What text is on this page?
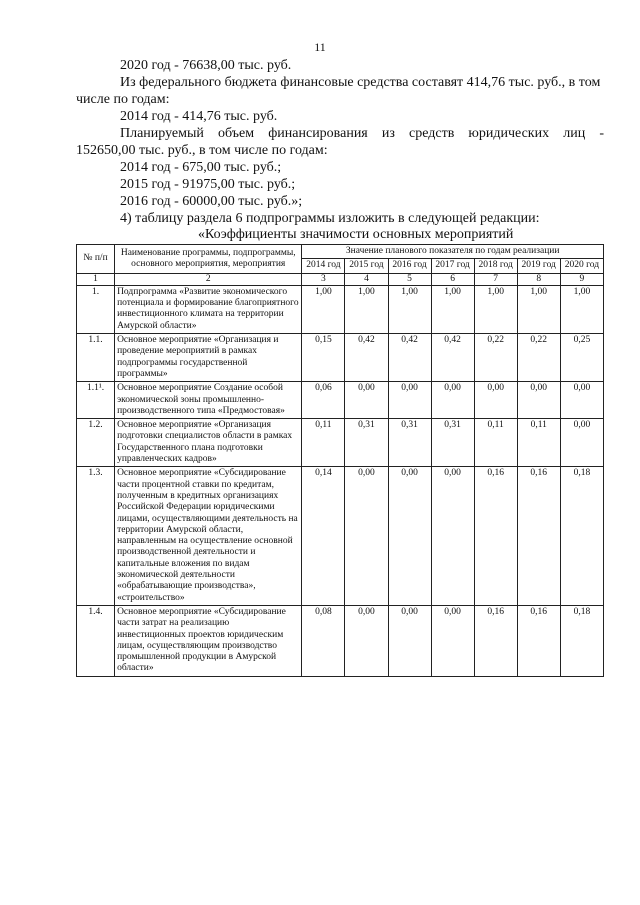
11
2020 год - 76638,00 тыс. руб.
Из федерального бюджета финансовые средства составят 414,76 тыс. руб., в том
числе по годам:
2014 год - 414,76 тыс. руб.
Планируемый объем финансирования из средств юридических лиц -
152650,00 тыс. руб., в том числе по годам:
2014 год - 675,00 тыс. руб.;
2015 год - 91975,00 тыс. руб.;
2016 год - 60000,00 тыс. руб.»;
4) таблицу раздела 6 подпрограммы изложить в следующей редакции:
«Коэффициенты значимости основных мероприятий
№ п/п	Наименование программы, подпрограммы, основного мероприятия, мероприятия	Значение планового показателя по годам реализации						
		2014 год	2015 год	2016 год	2017 год	2018 год	2019 год	2020 год
1	2	3	4	5	6	7	8	9
1.	Подпрограмма «Развитие экономического потенциала и формирование благоприятного инвестиционного климата на территории Амурской области»	1,00	1,00	1,00	1,00	1,00	1,00	1,00
1.1.	Основное мероприятие «Организация и проведение мероприятий в рамках подпрограммы государственной программы»	0,15	0,42	0,42	0,42	0,22	0,22	0,25
1.1¹.	Основное мероприятие Создание особой экономической зоны промышленно-производственного типа «Предмостовая»	0,06	0,00	0,00	0,00	0,00	0,00	0,00
1.2.	Основное мероприятие «Организация подготовки специалистов области в рамках Государственного плана подготовки управленческих кадров»	0,11	0,31	0,31	0,31	0,11	0,11	0,00
1.3.	Основное мероприятие «Субсидирование части процентной ставки по кредитам, полученным в кредитных организациях Российской Федерации юридическими лицами, осуществляющими деятельность на территории Амурской области, направленным на осуществление основной производственной деятельности и капитальные вложения по видам экономической деятельности «обрабатывающие производства», «строительство»	0,14	0,00	0,00	0,00	0,16	0,16	0,18
1.4.	Основное мероприятие «Субсидирование части затрат на реализацию инвестиционных проектов юридическим лицам, осуществляющим производство промышленной продукции в Амурской области»	0,08	0,00	0,00	0,00	0,16	0,16	0,18
